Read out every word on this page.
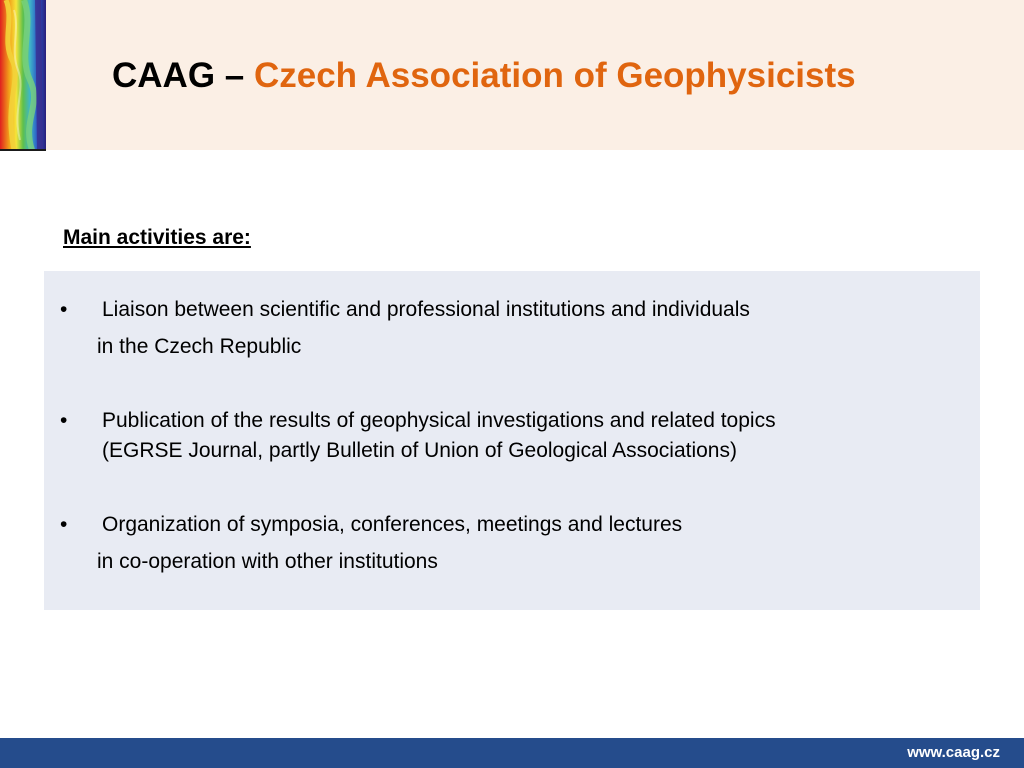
CAAG – Czech Association of Geophysicists
Main activities are:
• Liaison between scientific and professional institutions and individuals
in the Czech Republic
• Publication of the results of geophysical investigations and related topics
(EGRSE Journal, partly Bulletin of Union of Geological Associations)
• Organization of symposia, conferences, meetings and lectures
in co-operation with other institutions
www.caag.cz
